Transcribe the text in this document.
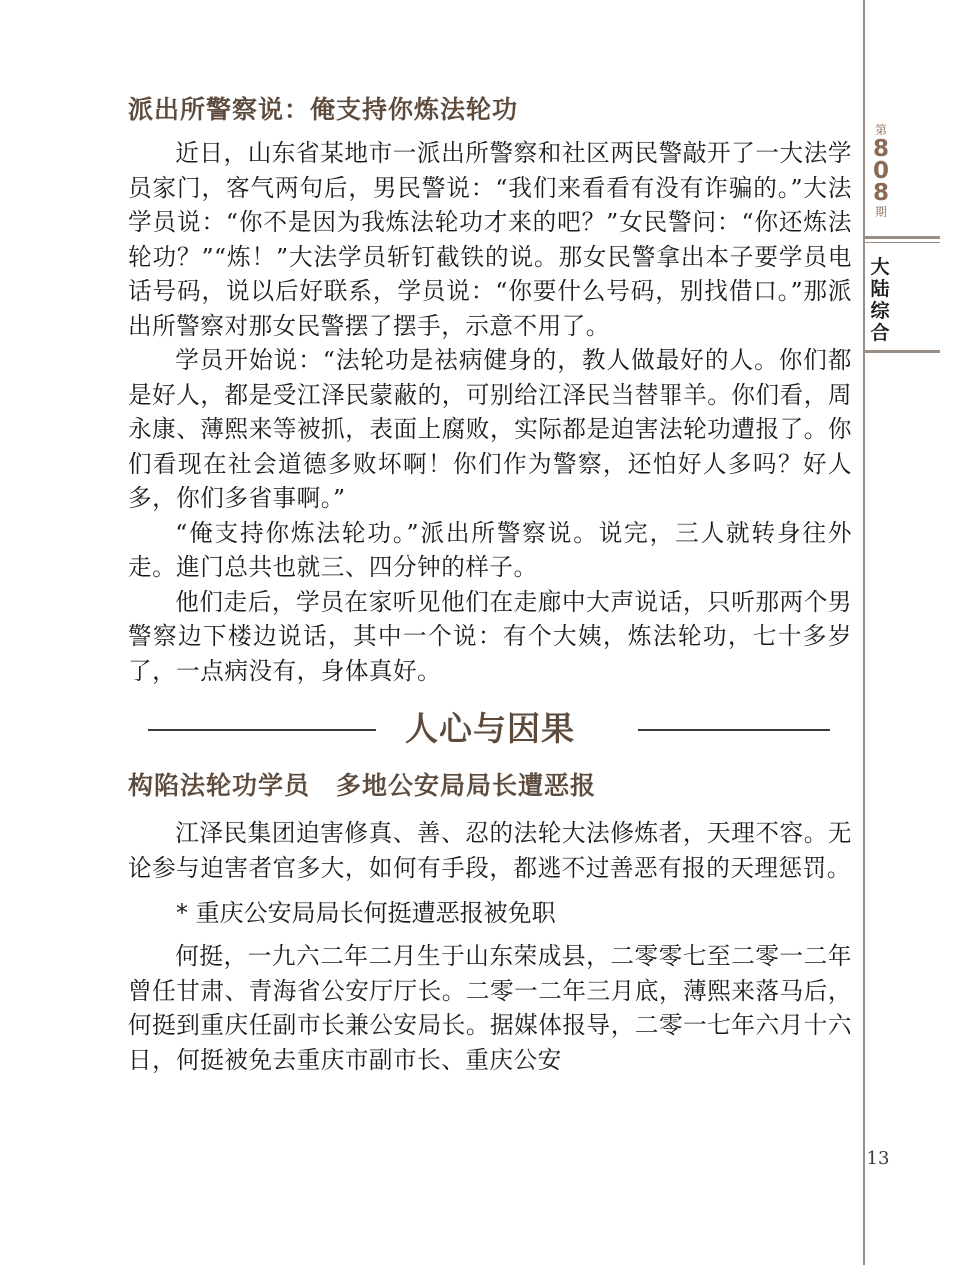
派出所警察说：俺支持你炼法轮功

近日，山东省某地市一派出所警察和社区两民警敲开了一大法学员家门，客气两句后，男民警说：“我们来看看有没有诈骗的。”大法学员说：“你不是因为我炼法轮功才来的吧？”女民警问：“你还炼法轮功？”“炼！”大法学员斩钉截铁的说。那女民警拿出本子要学员电话号码，说以后好联系，学员说：“你要什么号码，别找借口。”那派出所警察对那女民警摆了摆手，示意不用了。

学员开始说：“法轮功是祛病健身的，教人做最好的人。你们都是好人，都是受江泽民蒙蔽的，可别给江泽民当替罪羊。你们看，周永康、薄熙来等被抓，表面上腐败，实际都是迫害法轮功遭报了。你们看现在社会道德多败坏啊！你们作为警察，还怕好人多吗？好人多，你们多省事啊。”

“俺支持你炼法轮功。”派出所警察说。说完，三人就转身往外走。進门总共也就三、四分钟的样子。

他们走后，学员在家听见他们在走廊中大声说话，只听那两个男警察边下楼边说话，其中一个说：有个大姨，炼法轮功，七十多岁了，一点病没有，身体真好。

人心与因果
构陷法轮功学员　多地公安局局长遭恶报

江泽民集团迫害修真、善、忍的法轮大法修炼者，天理不容。无论参与迫害者官多大，如何有手段，都逃不过善恶有报的天理惩罚。

* 重庆公安局局长何挺遭恶报被免职

何挺，一九六二年二月生于山东荣成县，二零零七至二零一二年曾任甘肃、青海省公安厅厅长。二零一二年三月底，薄熙来落马后，何挺到重庆任副市长兼公安局长。据媒体报导，二零一七年六月十六日，何挺被免去重庆市副市长、重庆公安

第
8
0
8
期
大
陆
综
合
13
